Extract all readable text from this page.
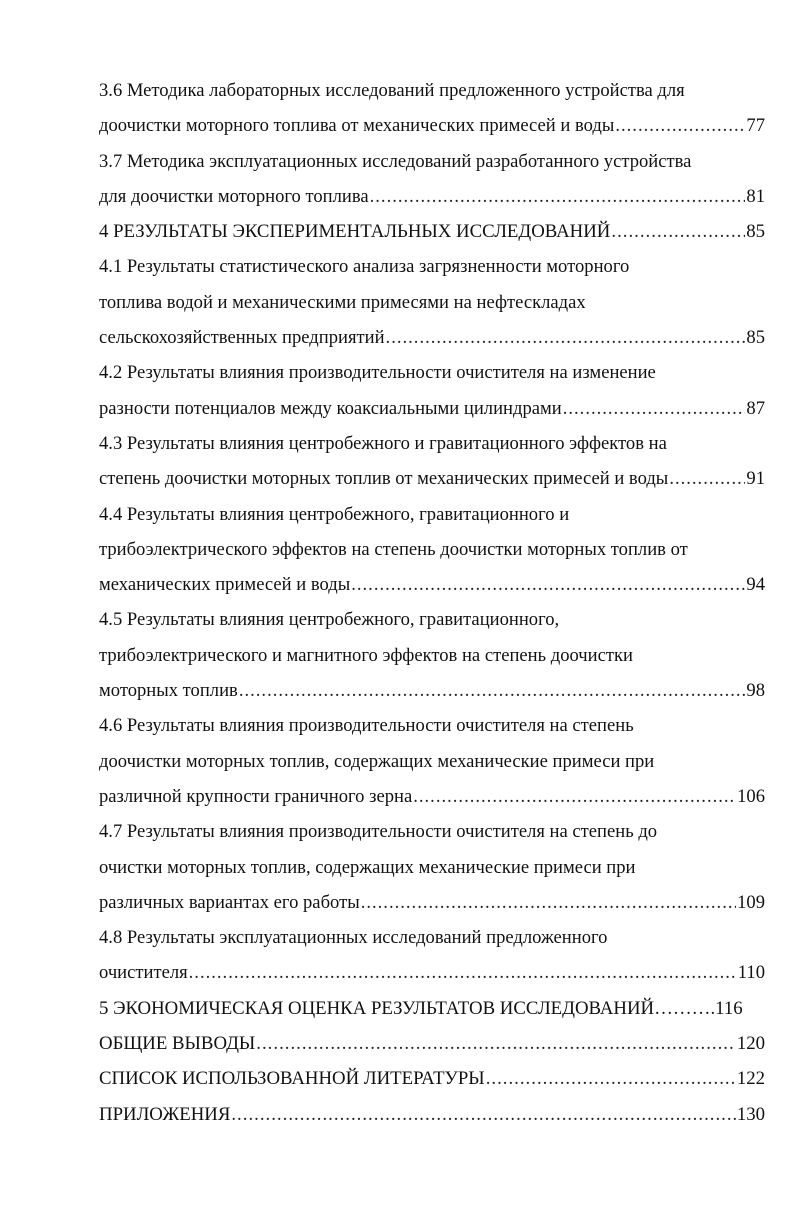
3.6 Методика лабораторных исследований предложенного устройства для
доочистки моторного топлива от механических примесей и воды .....	77
3.7 Методика эксплуатационных исследований разработанного устройства
для доочистки моторного топлива .....	81
4 РЕЗУЛЬТАТЫ ЭКСПЕРИМЕНТАЛЬНЫХ ИССЛЕДОВАНИЙ .....	85
4.1 Результаты статистического анализа загрязненности моторного
топлива водой и механическими примесями на нефтескладах
сельскохозяйственных предприятий .....	85
4.2 Результаты влияния производительности очистителя на изменение
разности потенциалов между коаксиальными цилиндрами .....	87
4.3 Результаты влияния центробежного и гравитационного эффектов на
степень доочистки моторных топлив от механических примесей и воды .....	91
4.4 Результаты влияния центробежного, гравитационного и
трибоэлектрического эффектов на степень доочистки моторных топлив от
механических примесей и воды .....	94
4.5 Результаты влияния центробежного, гравитационного,
трибоэлектрического и магнитного эффектов на степень доочистки
моторных топлив .....	98
4.6 Результаты влияния производительности очистителя на степень
доочистки моторных топлив, содержащих механические примеси при
различной крупности граничного зерна .....	106
4.7 Результаты влияния производительности очистителя на степень до
очистки моторных топлив, содержащих механические примеси при
различных вариантах его работы .....	109
4.8 Результаты эксплуатационных исследований предложенного
очистителя .....	110
5 ЭКОНОМИЧЕСКАЯ ОЦЕНКА РЕЗУЛЬТАТОВ ИССЛЕДОВАНИЙ………. 116
ОБЩИЕ ВЫВОДЫ .....	120
СПИСОК ИСПОЛЬЗОВАННОЙ ЛИТЕРАТУРЫ .....	122
ПРИЛОЖЕНИЯ .....	130
